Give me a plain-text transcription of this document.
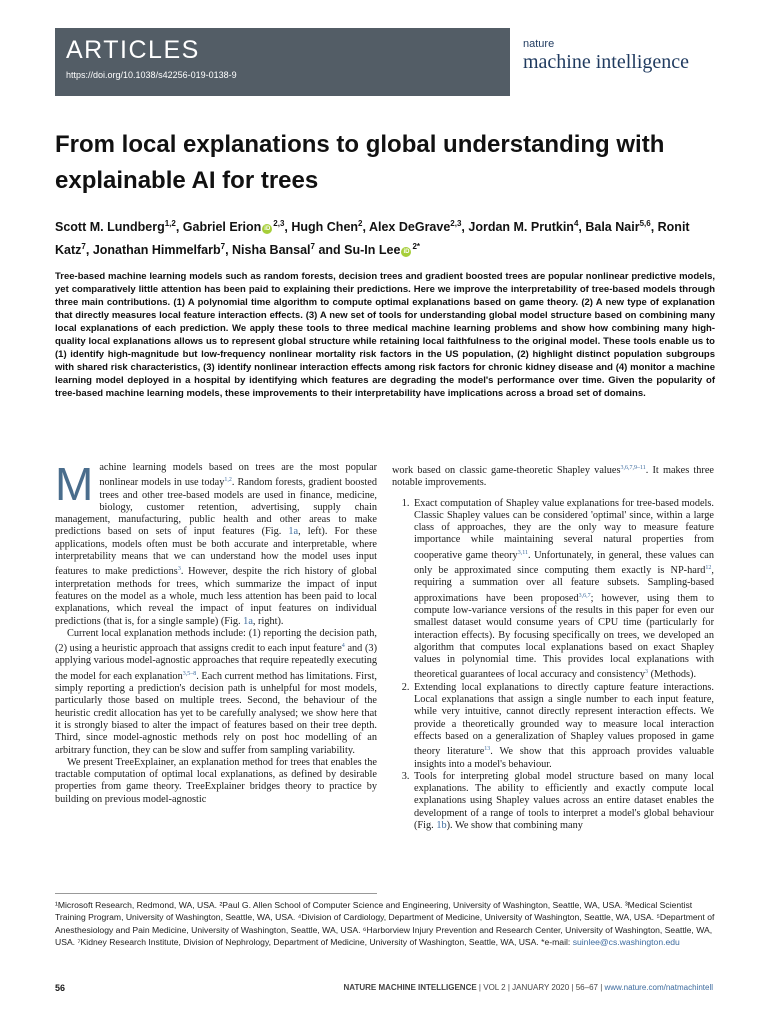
ARTICLES
https://doi.org/10.1038/s42256-019-0138-9
nature
machine intelligence
From local explanations to global understanding with explainable AI for trees
Scott M. Lundberg$^{1,2}$, Gabriel Erion iD$^{2,3}$, Hugh Chen$^2$, Alex DeGrave$^{2,3}$, Jordan M. Prutkin$^4$, Bala Nair$^{5,6}$, Ronit Katz$^7$, Jonathan Himmelfarb$^7$, Nisha Bansal$^7$ and Su-In Lee $iD^{2*}$

Tree-based machine learning models such as random forests, decision trees and gradient boosted trees are popular nonlinear predictive models, yet comparatively little attention has been paid to explaining their predictions. Here we improve the interpretability of tree-based models through three main contributions. (1) A polynomial time algorithm to compute optimal explanations based on game theory. (2) A new type of explanation that directly measures local feature interaction effects. (3) A new set of tools for understanding global model structure based on combining many local explanations of each prediction. We apply these tools to three medical machine learning problems and show how combining many high-quality local explanations allows us to represent global structure while retaining local faithfulness to the original model. These tools enable us to (1) identify high-magnitude but low-frequency nonlinear mortality risk factors in the US population, (2) highlight distinct population subgroups with shared risk characteristics, (3) identify nonlinear interaction effects among risk factors for chronic kidney disease and (4) monitor a machine learning model deployed in a hospital by identifying which features are degrading the model's performance over time. Given the popularity of tree-based machine learning models, these improvements to their interpretability have implications across a broad set of domains.

Machine learning models based on trees are the most popular nonlinear models in use today$^{1,2}$. Random forests, gradient boosted trees and other tree-based models are used in finance, medicine, biology, customer retention, advertising, supply chain management, manufacturing, public health and other areas to make predictions based on sets of input features (Fig. 1a, left). For these applications, models often must be both accurate and interpretable, where interpretability means that we can understand how the model uses input features to make predictions$^3$. However, despite the rich history of global interpretation methods for trees, which summarize the impact of input features on the model as a whole, much less attention has been paid to local explanations, which reveal the impact of input features on individual predictions (that is, for a single sample) (Fig. 1a, right).

Current local explanation methods include: (1) reporting the decision path, (2) using a heuristic approach that assigns credit to each input feature$^4$ and (3) applying various model-agnostic approaches that require repeatedly executing the model for each explanation$^{3,5-8}$. Each current method has limitations. First, simply reporting a prediction's decision path is unhelpful for most models, particularly those based on multiple trees. Second, the behaviour of the heuristic credit allocation has yet to be carefully analysed; we show here that it is strongly biased to alter the impact of features based on their tree depth. Third, since model-agnostic methods rely on post hoc modelling of an arbitrary function, they can be slow and suffer from sampling variability.

We present TreeExplainer, an explanation method for trees that enables the tractable computation of optimal local explanations, as defined by desirable properties from game theory. TreeExplainer bridges theory to practice by building on previous model-agnostic

work based on classic game-theoretic Shapley values$^{3,6,7,9-11}$. It makes three notable improvements.

1. Exact computation of Shapley value explanations for tree-based models. Classic Shapley values can be considered 'optimal' since, within a large class of approaches, they are the only way to measure feature importance while maintaining several natural properties from cooperative game theory$^{3,11}$. Unfortunately, in general, these values can only be approximated since computing them exactly is NP-hard$^{12}$, requiring a summation over all feature subsets. Sampling-based approximations have been proposed$^{3,6,7}$; however, using them to compute low-variance versions of the results in this paper for even our smallest dataset would consume years of CPU time (particularly for interaction effects). By focusing specifically on trees, we developed an algorithm that computes local explanations based on exact Shapley values in polynomial time. This provides local explanations with theoretical guarantees of local accuracy and consistency$^3$ (Methods).
2. Extending local explanations to directly capture feature interactions. Local explanations that assign a single number to each input feature, while very intuitive, cannot directly represent interaction effects. We provide a theoretically grounded way to measure local interaction effects based on a generalization of Shapley values proposed in game theory literature$^{13}$. We show that this approach provides valuable insights into a model's behaviour.
3. Tools for interpreting global model structure based on many local explanations. The ability to efficiently and exactly compute local explanations using Shapley values across an entire dataset enables the development of a range of tools to interpret a model's global behaviour (Fig. 1b). We show that combining many

¹Microsoft Research, Redmond, WA, USA. ²Paul G. Allen School of Computer Science and Engineering, University of Washington, Seattle, WA, USA. ³Medical Scientist Training Program, University of Washington, Seattle, WA, USA. ⁴Division of Cardiology, Department of Medicine, University of Washington, Seattle, WA, USA. ⁵Department of Anesthesiology and Pain Medicine, University of Washington, Seattle, WA, USA. ⁶Harborview Injury Prevention and Research Center, University of Washington, Seattle, WA, USA. ⁷Kidney Research Institute, Division of Nephrology, Department of Medicine, University of Washington, Seattle, WA, USA. *e-mail: suinlee@cs.washington.edu

56	NATURE MACHINE INTELLIGENCE | VOL 2 | JANUARY 2020 | 56–67 | www.nature.com/natmachintell
